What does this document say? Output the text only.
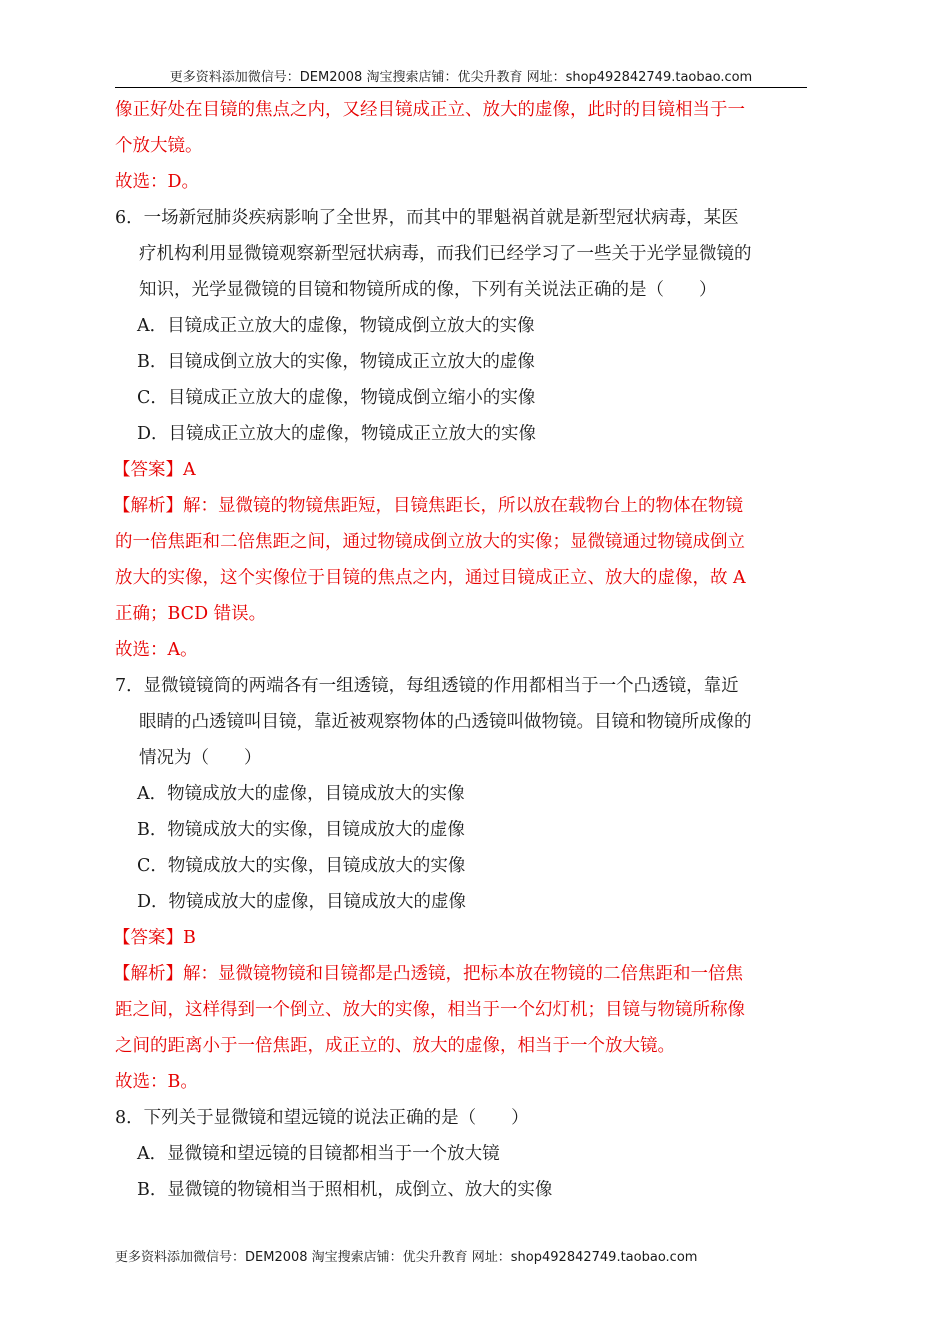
更多资料添加微信号：DEM2008 淘宝搜索店铺：优尖升教育 网址：shop492842749.taobao.com
像正好处在目镜的焦点之内，又经目镜成正立、放大的虚像，此时的目镜相当于一
个放大镜。
故选：D。
6．一场新冠肺炎疾病影响了全世界，而其中的罪魁祸首就是新型冠状病毒，某医
疗机构利用显微镜观察新型冠状病毒，而我们已经学习了一些关于光学显微镜的
知识，光学显微镜的目镜和物镜所成的像，下列有关说法正确的是（　　）
A．目镜成正立放大的虚像，物镜成倒立放大的实像
B．目镜成倒立放大的实像，物镜成正立放大的虚像
C．目镜成正立放大的虚像，物镜成倒立缩小的实像
D．目镜成正立放大的虚像，物镜成正立放大的实像
【答案】A
【解析】解：显微镜的物镜焦距短，目镜焦距长，所以放在载物台上的物体在物镜
的一倍焦距和二倍焦距之间，通过物镜成倒立放大的实像；显微镜通过物镜成倒立
放大的实像，这个实像位于目镜的焦点之内，通过目镜成正立、放大的虚像，故 A
正确；BCD 错误。
故选：A。
7．显微镜镜筒的两端各有一组透镜，每组透镜的作用都相当于一个凸透镜，靠近
眼睛的凸透镜叫目镜，靠近被观察物体的凸透镜叫做物镜。目镜和物镜所成像的
情况为（　　）
A．物镜成放大的虚像，目镜成放大的实像
B．物镜成放大的实像，目镜成放大的虚像
C．物镜成放大的实像，目镜成放大的实像
D．物镜成放大的虚像，目镜成放大的虚像
【答案】B
【解析】解：显微镜物镜和目镜都是凸透镜，把标本放在物镜的二倍焦距和一倍焦
距之间，这样得到一个倒立、放大的实像，相当于一个幻灯机；目镜与物镜所称像
之间的距离小于一倍焦距，成正立的、放大的虚像，相当于一个放大镜。
故选：B。
8．下列关于显微镜和望远镜的说法正确的是（　　）
A．显微镜和望远镜的目镜都相当于一个放大镜
B．显微镜的物镜相当于照相机，成倒立、放大的实像
更多资料添加微信号：DEM2008 淘宝搜索店铺：优尖升教育 网址：shop492842749.taobao.com
